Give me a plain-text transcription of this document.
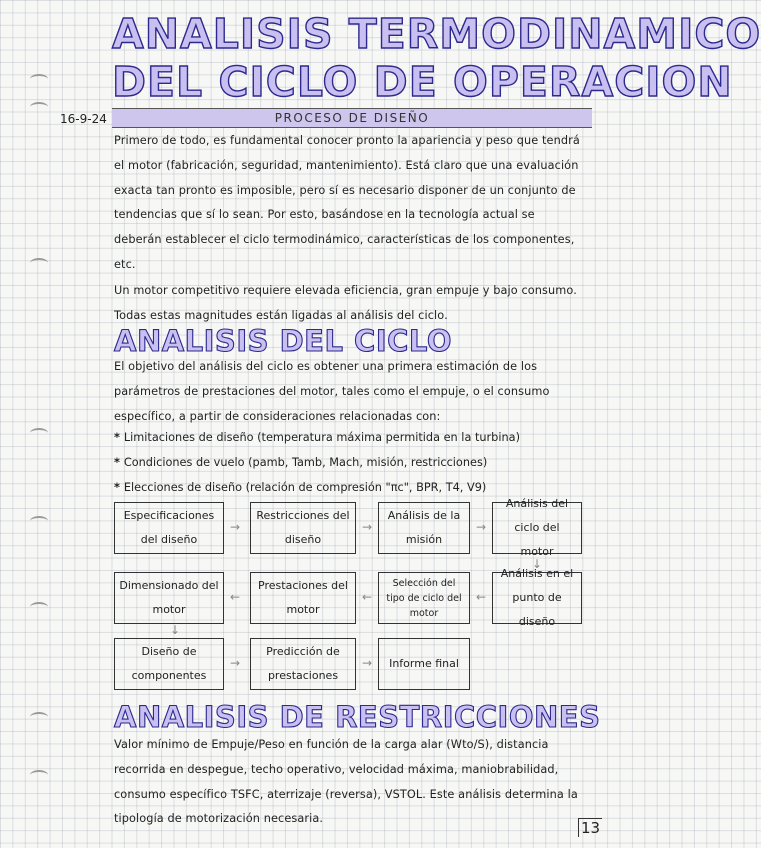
ANALISIS TERMODINAMICO
DEL CICLO DE OPERACION
16-9-24	PROCESO DE DISEÑO
Primero de todo, es fundamental conocer pronto la apariencia y peso que tendrá el motor (fabricación, seguridad, mantenimiento). Está claro que una evaluación exacta tan pronto es imposible, pero sí es necesario disponer de un conjunto de tendencias que sí lo sean. Por esto, basándose en la tecnología actual se deberán establecer el ciclo termodinámico, características de los componentes, etc.
Un motor competitivo requiere elevada eficiencia, gran empuje y bajo consumo. Todas estas magnitudes están ligadas al análisis del ciclo.
ANALISIS DEL CICLO
El objetivo del análisis del ciclo es obtener una primera estimación de los parámetros de prestaciones del motor, tales como el empuje, o el consumo específico, a partir de consideraciones relacionadas con:
* Limitaciones de diseño (temperatura máxima permitida en la turbina)
* Condiciones de vuelo (pamb, Tamb, Mach, misión, restricciones)
* Elecciones de diseño (relación de compresión "πc", BPR, T4, V9)
Especificaciones del diseño
→
Restricciones del diseño
→
Análisis de la misión
→
Análisis del ciclo del motor
↓
Análisis en el punto de diseño
←
Selección del tipo de ciclo del motor
←
Prestaciones del motor
←
Dimensionado del motor
↓
Diseño de componentes
→
Predicción de prestaciones
→	Informe final
ANALISIS DE RESTRICCIONES
Valor mínimo de Empuje/Peso en función de la carga alar (Wto/S), distancia recorrida en despegue, techo operativo, velocidad máxima, maniobrabilidad, consumo específico TSFC, aterrizaje (reversa), VSTOL. Este análisis determina la tipología de motorización necesaria.
13
